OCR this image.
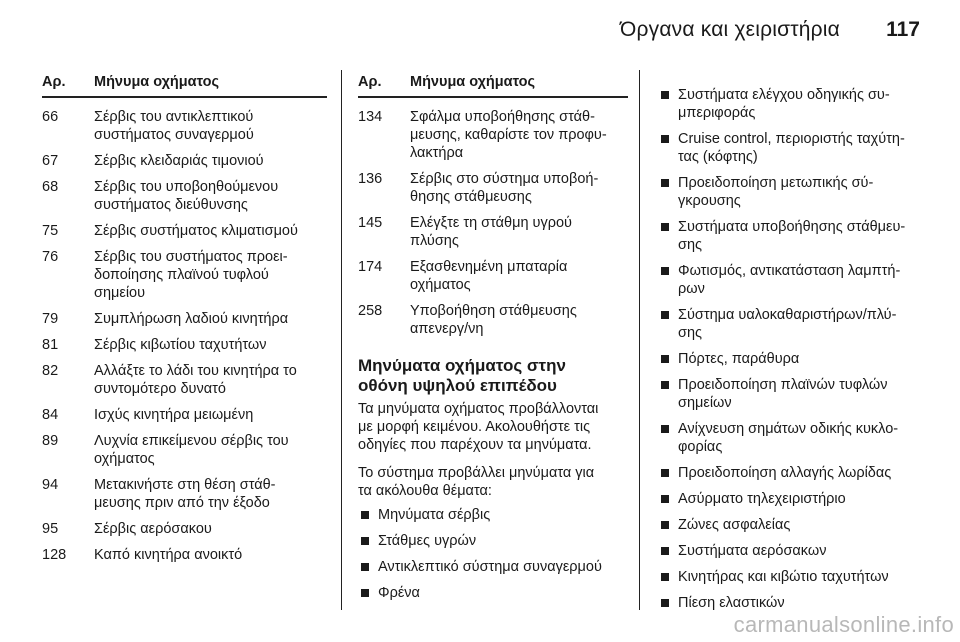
Όργανα και χειριστήρια 117
Αρ.	Μήνυμα οχήματος
66	Σέρβις του αντικλεπτικού
συστήματος συναγερμού
67	Σέρβις κλειδαριάς τιμονιού
68	Σέρβις του υποβοηθούμενου
συστήματος διεύθυνσης
75	Σέρβις συστήματος κλιματισμού
76	Σέρβις του συστήματος προει-
δοποίησης πλαϊνού τυφλού
σημείου
79	Συμπλήρωση λαδιού κινητήρα
81	Σέρβις κιβωτίου ταχυτήτων
82	Αλλάξτε το λάδι του κινητήρα το
συντομότερο δυνατό
84	Ισχύς κινητήρα μειωμένη
89	Λυχνία επικείμενου σέρβις του
οχήματος
94	Μετακινήστε στη θέση στάθ-
μευσης πριν από την έξοδο
95	Σέρβις αερόσακου
128	Καπό κινητήρα ανοικτό
Αρ.	Μήνυμα οχήματος
134	Σφάλμα υποβοήθησης στάθ-
μευσης, καθαρίστε τον προφυ-
λακτήρα
136	Σέρβις στο σύστημα υποβοή-
θησης στάθμευσης
145	Ελέγξτε τη στάθμη υγρού
πλύσης
174	Εξασθενημένη μπαταρία
οχήματος
258	Υποβοήθηση στάθμευσης
απενεργ/νη
Μηνύματα οχήματος στην
οθόνη υψηλού επιπέδου
Τα μηνύματα οχήματος προβάλλονται
με μορφή κειμένου. Ακολουθήστε τις
οδηγίες που παρέχουν τα μηνύματα.
Το σύστημα προβάλλει μηνύματα για
τα ακόλουθα θέματα:
Μηνύματα σέρβις
Στάθμες υγρών
Αντικλεπτικό σύστημα συναγερμού
Φρένα
Συστήματα ελέγχου οδηγικής συ-
μπεριφοράς
Cruise control, περιοριστής ταχύτη-
τας (κόφτης)
Προειδοποίηση μετωπικής σύ-
γκρουσης
Συστήματα υποβοήθησης στάθμευ-
σης
Φωτισμός, αντικατάσταση λαμπτή-
ρων
Σύστημα υαλοκαθαριστήρων/πλύ-
σης
Πόρτες, παράθυρα
Προειδοποίηση πλαϊνών τυφλών
σημείων
Ανίχνευση σημάτων οδικής κυκλο-
φορίας
Προειδοποίηση αλλαγής λωρίδας
Ασύρματο τηλεχειριστήριο
Ζώνες ασφαλείας
Συστήματα αερόσακων
Κινητήρας και κιβώτιο ταχυτήτων
Πίεση ελαστικών
carmanualsonline.info
